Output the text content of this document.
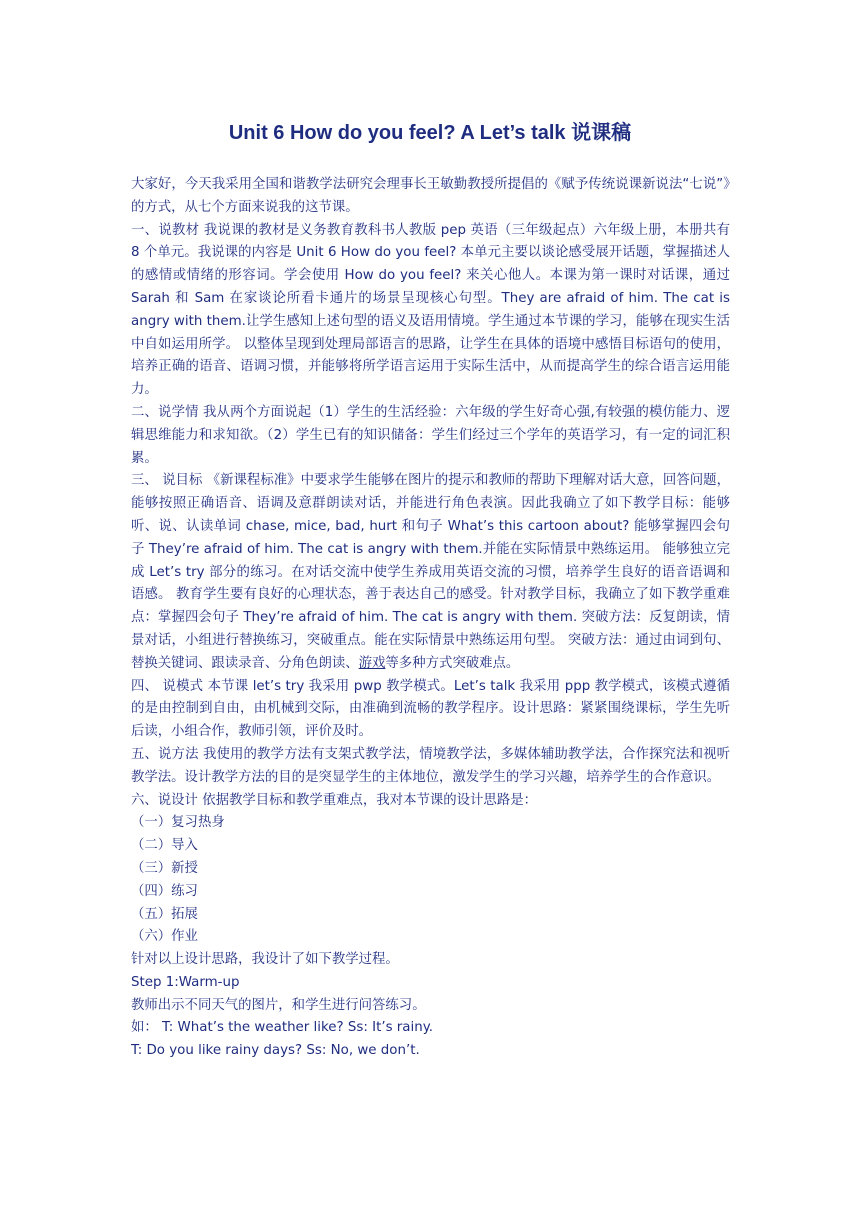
Unit 6 How do you feel? A Let’s talk 说课稿

大家好，今天我采用全国和谐教学法研究会理事长王敏勤教授所提倡的《赋予传统说课新说法“七说”》的方式，从七个方面来说我的这节课。

一、说教材 我说课的教材是义务教育教科书人教版 pep 英语（三年级起点）六年级上册，本册共有 8 个单元。我说课的内容是 Unit 6 How do you feel? 本单元主要以谈论感受展开话题，掌握描述人的感情或情绪的形容词。学会使用 How do you feel? 来关心他人。本课为第一课时对话课，通过 Sarah 和 Sam 在家谈论所看卡通片的场景呈现核心句型。They are afraid of him. The cat is angry with them.让学生感知上述句型的语义及语用情境。学生通过本节课的学习，能够在现实生活中自如运用所学。 以整体呈现到处理局部语言的思路，让学生在具体的语境中感悟目标语句的使用，培养正确的语音、语调习惯，并能够将所学语言运用于实际生活中，从而提高学生的综合语言运用能力。

二、说学情 我从两个方面说起（1）学生的生活经验：六年级的学生好奇心强,有较强的模仿能力、逻辑思维能力和求知欲。（2）学生已有的知识储备：学生们经过三个学年的英语学习，有一定的词汇积累。

三、 说目标 《新课程标准》中要求学生能够在图片的提示和教师的帮助下理解对话大意，回答问题，能够按照正确语音、语调及意群朗读对话，并能进行角色表演。因此我确立了如下教学目标：能够听、说、认读单词 chase, mice, bad, hurt 和句子 What’s this cartoon about? 能够掌握四会句子 They’re afraid of him. The cat is angry with them.并能在实际情景中熟练运用。 能够独立完成 Let’s try 部分的练习。在对话交流中使学生养成用英语交流的习惯，培养学生良好的语音语调和语感。 教育学生要有良好的心理状态，善于表达自己的感受。针对教学目标，我确立了如下教学重难点：掌握四会句子 They’re afraid of him. The cat is angry with them. 突破方法：反复朗读，情景对话，小组进行替换练习，突破重点。能在实际情景中熟练运用句型。 突破方法：通过由词到句、替换关键词、跟读录音、分角色朗读、游戏等多种方式突破难点。

四、 说模式 本节课 let’s try 我采用 pwp 教学模式。Let’s talk 我采用 ppp 教学模式，该模式遵循的是由控制到自由，由机械到交际，由准确到流畅的教学程序。设计思路：紧紧围绕课标，学生先听后读，小组合作，教师引领，评价及时。

五、说方法 我使用的教学方法有支架式教学法，情境教学法，多媒体辅助教学法，合作探究法和视听教学法。设计教学方法的目的是突显学生的主体地位，激发学生的学习兴趣，培养学生的合作意识。

六、说设计 依据教学目标和教学重难点，我对本节课的设计思路是：

（一）复习热身

（二）导入

（三）新授

（四）练习

（五）拓展

（六）作业

针对以上设计思路，我设计了如下教学过程。

Step 1:Warm-up

教师出示不同天气的图片，和学生进行问答练习。

如： T: What’s the weather like? Ss: It’s rainy.

T: Do you like rainy days? Ss: No, we don’t.
